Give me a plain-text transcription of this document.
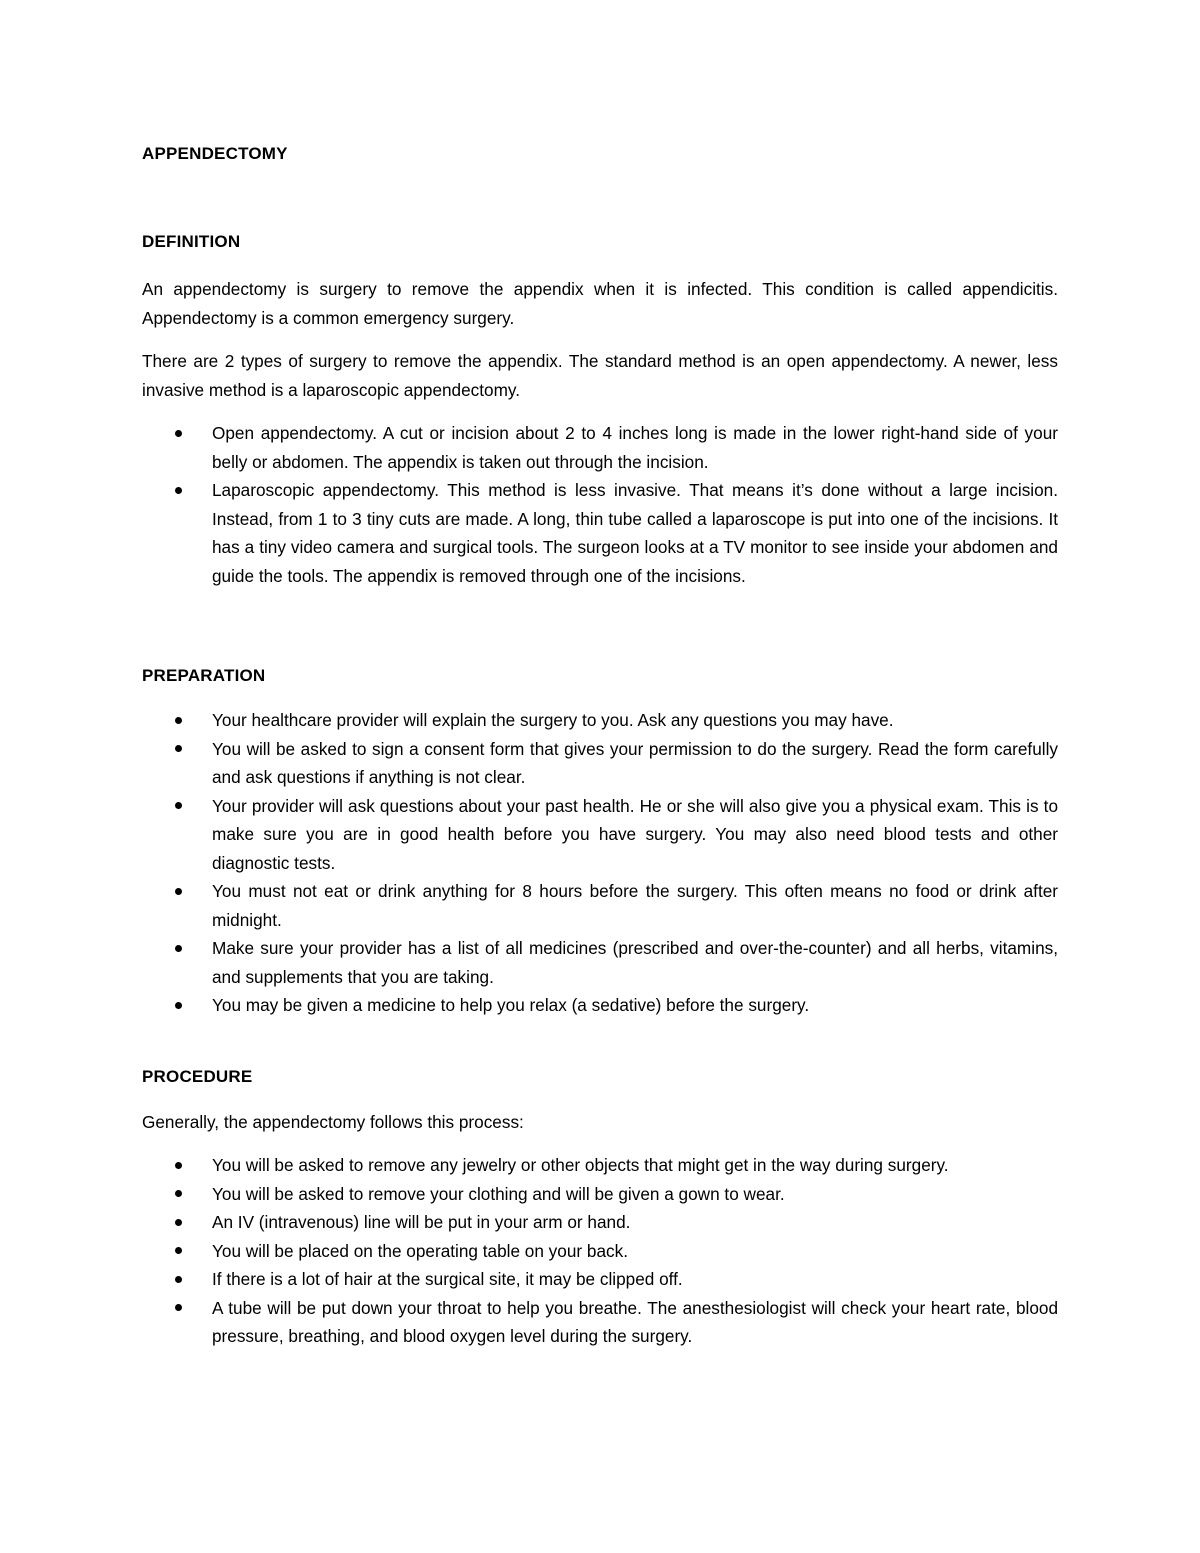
APPENDECTOMY
DEFINITION

An appendectomy is surgery to remove the appendix when it is infected. This condition is called appendicitis. Appendectomy is a common emergency surgery.

There are 2 types of surgery to remove the appendix. The standard method is an open appendectomy. A newer, less invasive method is a laparoscopic appendectomy.

Open appendectomy. A cut or incision about 2 to 4 inches long is made in the lower right-hand side of your belly or abdomen. The appendix is taken out through the incision.
Laparoscopic appendectomy. This method is less invasive. That means it’s done without a large incision. Instead, from 1 to 3 tiny cuts are made. A long, thin tube called a laparoscope is put into one of the incisions. It has a tiny video camera and surgical tools. The surgeon looks at a TV monitor to see inside your abdomen and guide the tools. The appendix is removed through one of the incisions.
PREPARATION
Your healthcare provider will explain the surgery to you. Ask any questions you may have.
You will be asked to sign a consent form that gives your permission to do the surgery. Read the form carefully and ask questions if anything is not clear.
Your provider will ask questions about your past health. He or she will also give you a physical exam. This is to make sure you are in good health before you have surgery. You may also need blood tests and other diagnostic tests.
You must not eat or drink anything for 8 hours before the surgery. This often means no food or drink after midnight.
Make sure your provider has a list of all medicines (prescribed and over-the-counter) and all herbs, vitamins, and supplements that you are taking.
You may be given a medicine to help you relax (a sedative) before the surgery.
PROCEDURE

Generally, the appendectomy follows this process:

You will be asked to remove any jewelry or other objects that might get in the way during surgery.
You will be asked to remove your clothing and will be given a gown to wear.
An IV (intravenous) line will be put in your arm or hand.
You will be placed on the operating table on your back.
If there is a lot of hair at the surgical site, it may be clipped off.
A tube will be put down your throat to help you breathe. The anesthesiologist will check your heart rate, blood pressure, breathing, and blood oxygen level during the surgery.
